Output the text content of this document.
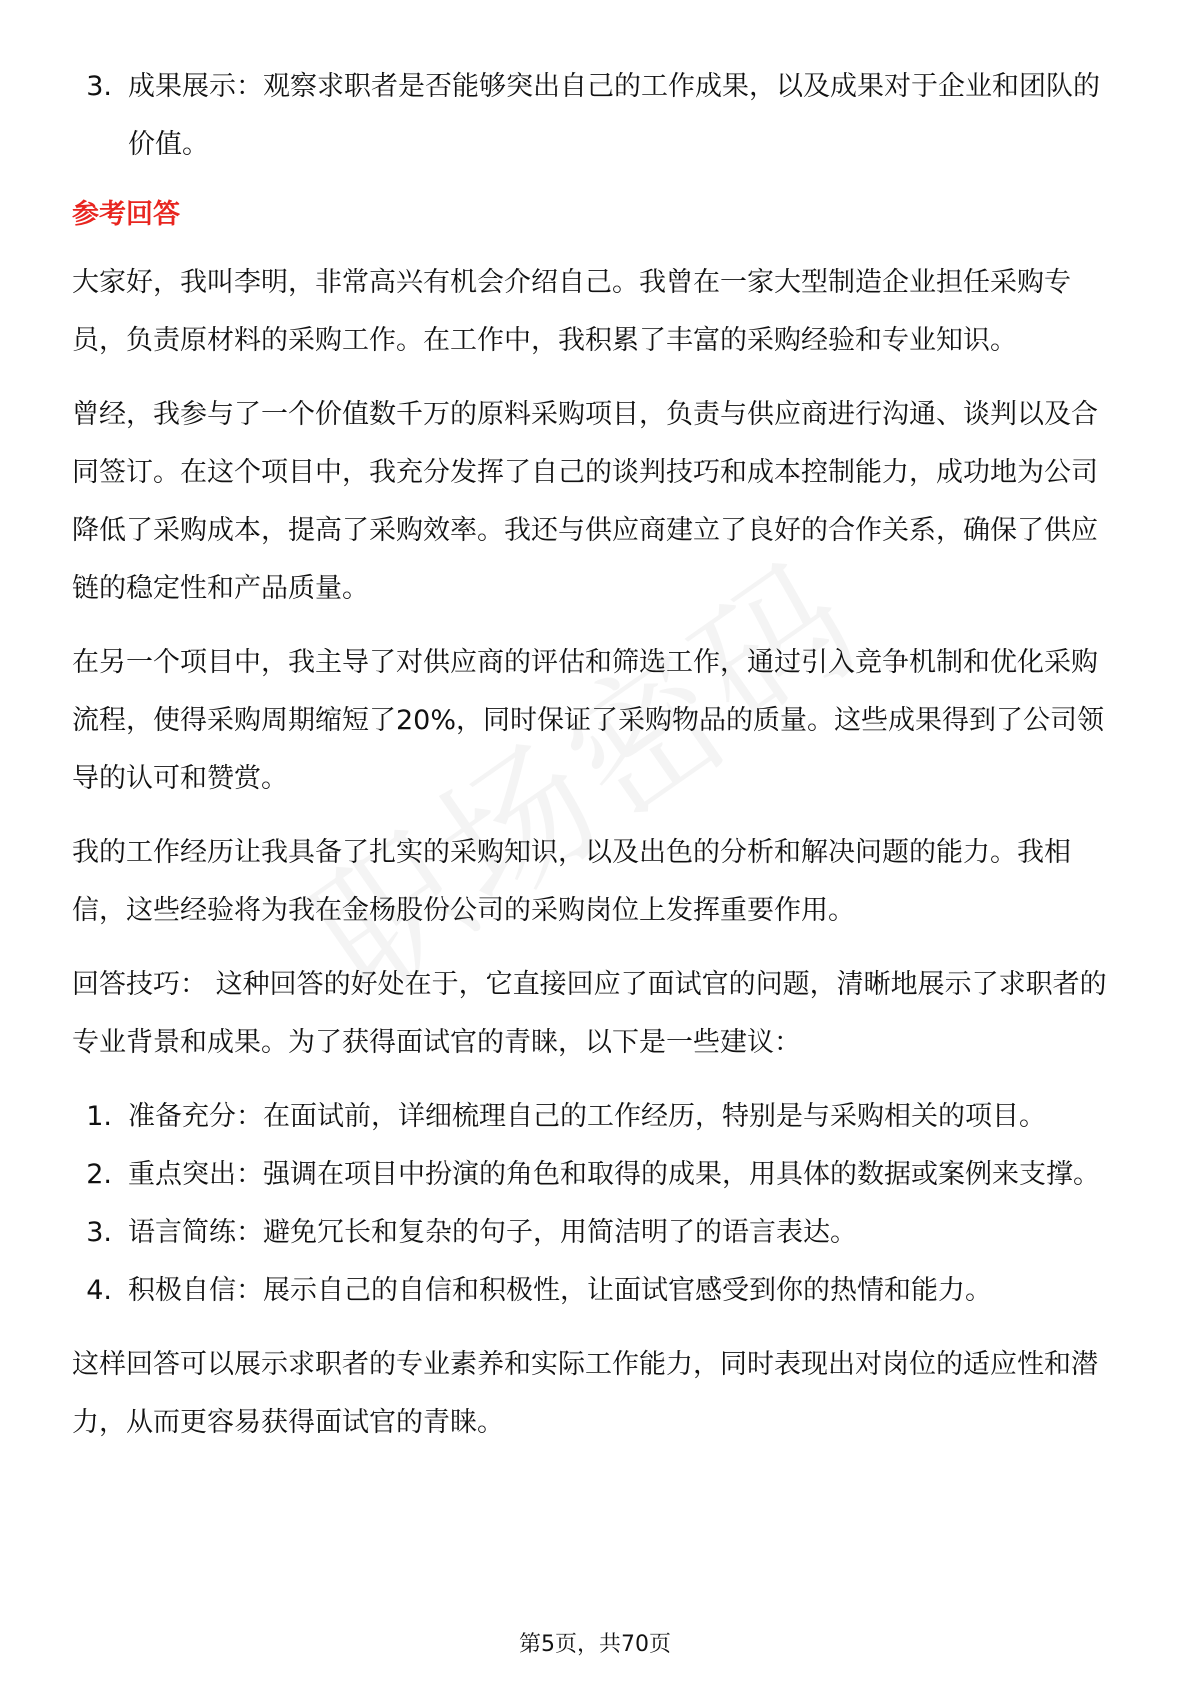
3. 成果展示：观察求职者是否能够突出自己的工作成果，以及成果对于企业和团队的价值。
参考回答

大家好，我叫李明，非常高兴有机会介绍自己。我曾在一家大型制造企业担任采购专员，负责原材料的采购工作。在工作中，我积累了丰富的采购经验和专业知识。

曾经，我参与了一个价值数千万的原料采购项目，负责与供应商进行沟通、谈判以及合同签订。在这个项目中，我充分发挥了自己的谈判技巧和成本控制能力，成功地为公司降低了采购成本，提高了采购效率。我还与供应商建立了良好的合作关系，确保了供应链的稳定性和产品质量。

在另一个项目中，我主导了对供应商的评估和筛选工作，通过引入竞争机制和优化采购流程，使得采购周期缩短了20%，同时保证了采购物品的质量。这些成果得到了公司领导的认可和赞赏。

我的工作经历让我具备了扎实的采购知识，以及出色的分析和解决问题的能力。我相信，这些经验将为我在金杨股份公司的采购岗位上发挥重要作用。

回答技巧： 这种回答的好处在于，它直接回应了面试官的问题，清晰地展示了求职者的专业背景和成果。为了获得面试官的青睐，以下是一些建议：

1. 准备充分：在面试前，详细梳理自己的工作经历，特别是与采购相关的项目。
2. 重点突出：强调在项目中扮演的角色和取得的成果，用具体的数据或案例来支撑。
3. 语言简练：避免冗长和复杂的句子，用简洁明了的语言表达。
4. 积极自信：展示自己的自信和积极性，让面试官感受到你的热情和能力。

这样回答可以展示求职者的专业素养和实际工作能力，同时表现出对岗位的适应性和潜力，从而更容易获得面试官的青睐。

第5页，共70页
